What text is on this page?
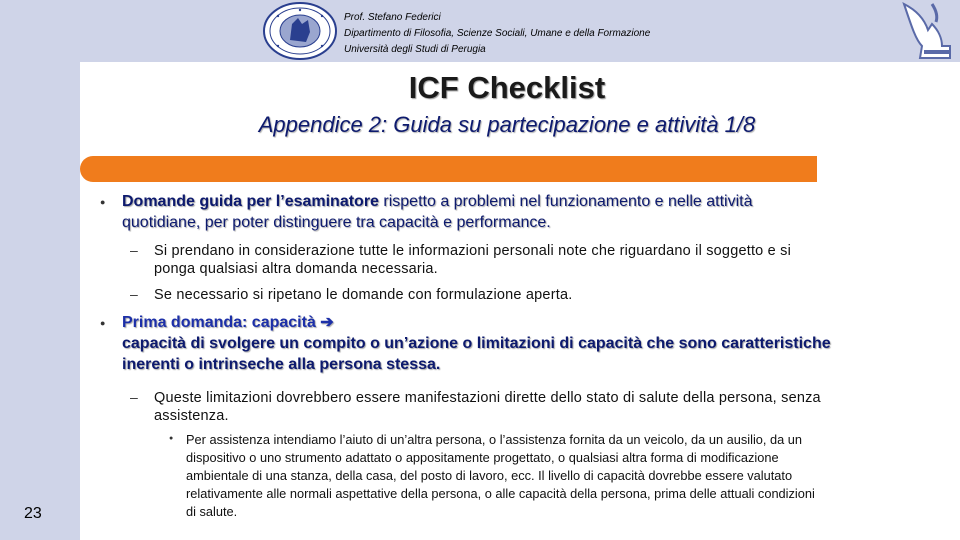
Prof. Stefano Federici
Dipartimento di Filosofia, Scienze Sociali, Umane e della Formazione
Università degli Studi di Perugia
ICF Checklist
Appendice 2: Guida su partecipazione e attività 1/8
● Domande guida per l’esaminatore rispetto a problemi nel funzionamento e nelle attività
quotidiane, per poter distinguere tra capacità e performance.
– Si prendano in considerazione tutte le informazioni personali note che riguardano il soggetto e si
ponga qualsiasi altra domanda necessaria.
– Se necessario si ripetano le domande con formulazione aperta.
● Prima domanda: capacità ➔
capacità di svolgere un compito o un’azione o limitazioni di capacità che sono caratteristiche
inerenti o intrinseche alla persona stessa.
– Queste limitazioni dovrebbero essere manifestazioni dirette dello stato di salute della persona, senza
assistenza.
● Per assistenza intendiamo l’aiuto di un’altra persona, o l’assistenza fornita da un veicolo, da un ausilio, da un
dispositivo o uno strumento adattato o appositamente progettato, o qualsiasi altra forma di modificazione
ambientale di una stanza, della casa, del posto di lavoro, ecc. Il livello di capacità dovrebbe essere valutato
relativamente alle normali aspettative della persona, o alle capacità della persona, prima delle attuali condizioni
di salute.
23
